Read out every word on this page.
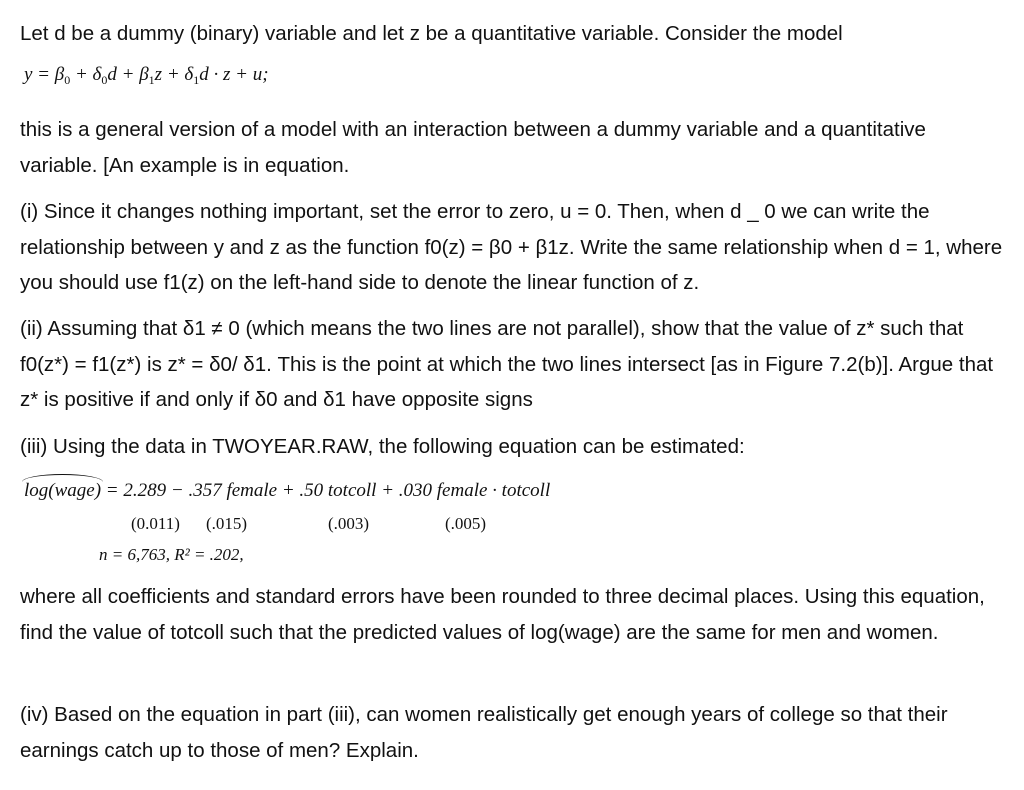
Let d be a dummy (binary) variable and let z be a quantitative variable. Consider the model

$y = \beta_0 + \delta_0d + \beta_1z + \delta_1d \cdot z + u$;

this is a general version of a model with an interaction between a dummy variable and a quantitative variable. [An example is in equation.

(i) Since it changes nothing important, set the error to zero, u = 0. Then, when d _ 0 we can write the relationship between y and z as the function f0(z) = β0 + β1z. Write the same relationship when d = 1, where you should use f1(z) on the left-hand side to denote the linear function of z.

(ii) Assuming that δ1 ≠ 0 (which means the two lines are not parallel), show that the value of z* such that f0(z*) = f1(z*) is z* = δ0/ δ1. This is the point at which the two lines intersect [as in Figure 7.2(b)]. Argue that z* is positive if and only if δ0 and δ1 have opposite signs

(iii) Using the data in TWOYEAR.RAW, the following equation can be estimated:

log(wage) = 2.289 − .357 female + .50 totcoll + .030 female · totcoll
(0.011) (.015)	(.003)	(.005)
n = 6,763, R² = .202,

where all coefficients and standard errors have been rounded to three decimal places. Using this equation, find the value of totcoll such that the predicted values of log(wage) are the same for men and women.

(iv) Based on the equation in part (iii), can women realistically get enough years of college so that their earnings catch up to those of men? Explain.
